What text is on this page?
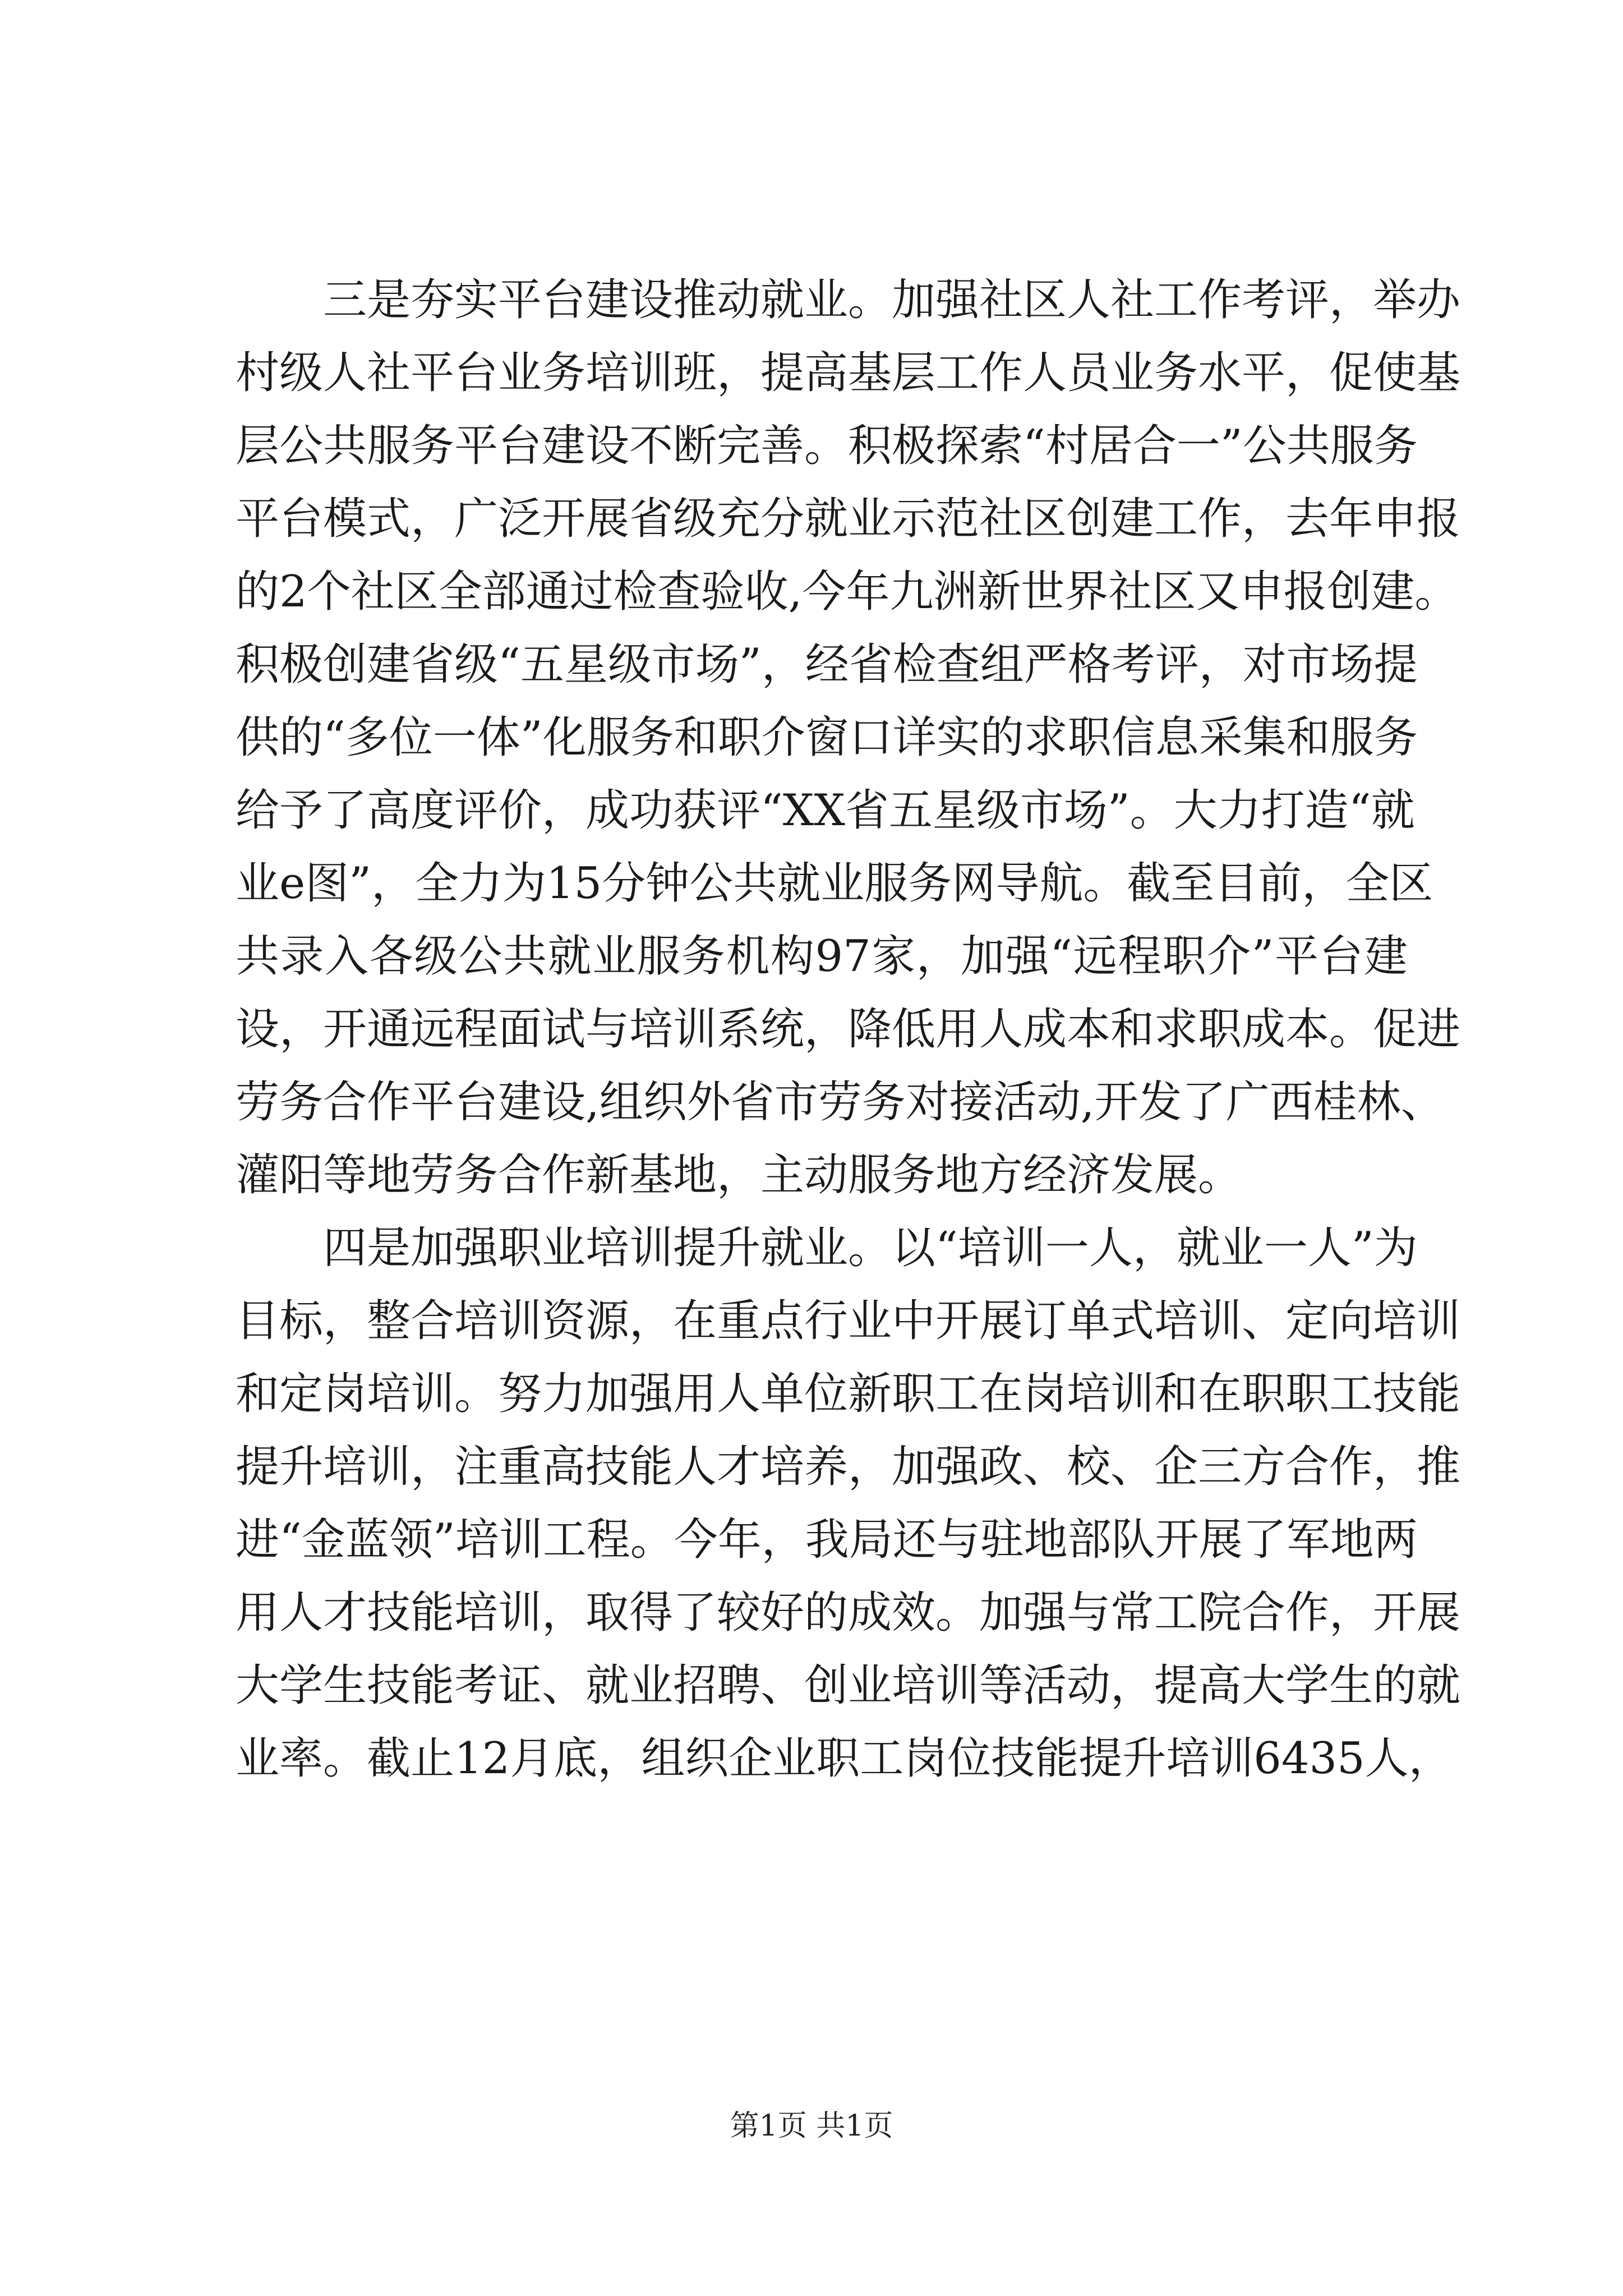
三是夯实平台建设推动就业。加强社区人社工作考评，举办
村级人社平台业务培训班，提高基层工作人员业务水平，促使基
层公共服务平台建设不断完善。积极探索“村居合一”公共服务
平台模式，广泛开展省级充分就业示范社区创建工作，去年申报
的2个社区全部通过检查验收,今年九洲新世界社区又申报创建。
积极创建省级“五星级市场”，经省检查组严格考评，对市场提
供的“多位一体”化服务和职介窗口详实的求职信息采集和服务
给予了高度评价，成功获评“XX省五星级市场”。大力打造“就
业e图”，全力为15分钟公共就业服务网导航。截至目前，全区
共录入各级公共就业服务机构97家，加强“远程职介”平台建
设，开通远程面试与培训系统，降低用人成本和求职成本。促进
劳务合作平台建设,组织外省市劳务对接活动,开发了广西桂林、
灌阳等地劳务合作新基地，主动服务地方经济发展。
四是加强职业培训提升就业。以“培训一人，就业一人”为
目标，整合培训资源，在重点行业中开展订单式培训、定向培训
和定岗培训。努力加强用人单位新职工在岗培训和在职职工技能
提升培训，注重高技能人才培养，加强政、校、企三方合作，推
进“金蓝领”培训工程。今年，我局还与驻地部队开展了军地两
用人才技能培训，取得了较好的成效。加强与常工院合作，开展
大学生技能考证、就业招聘、创业培训等活动，提高大学生的就
业率。截止12月底，组织企业职工岗位技能提升培训6435人，
第1页 共1页
